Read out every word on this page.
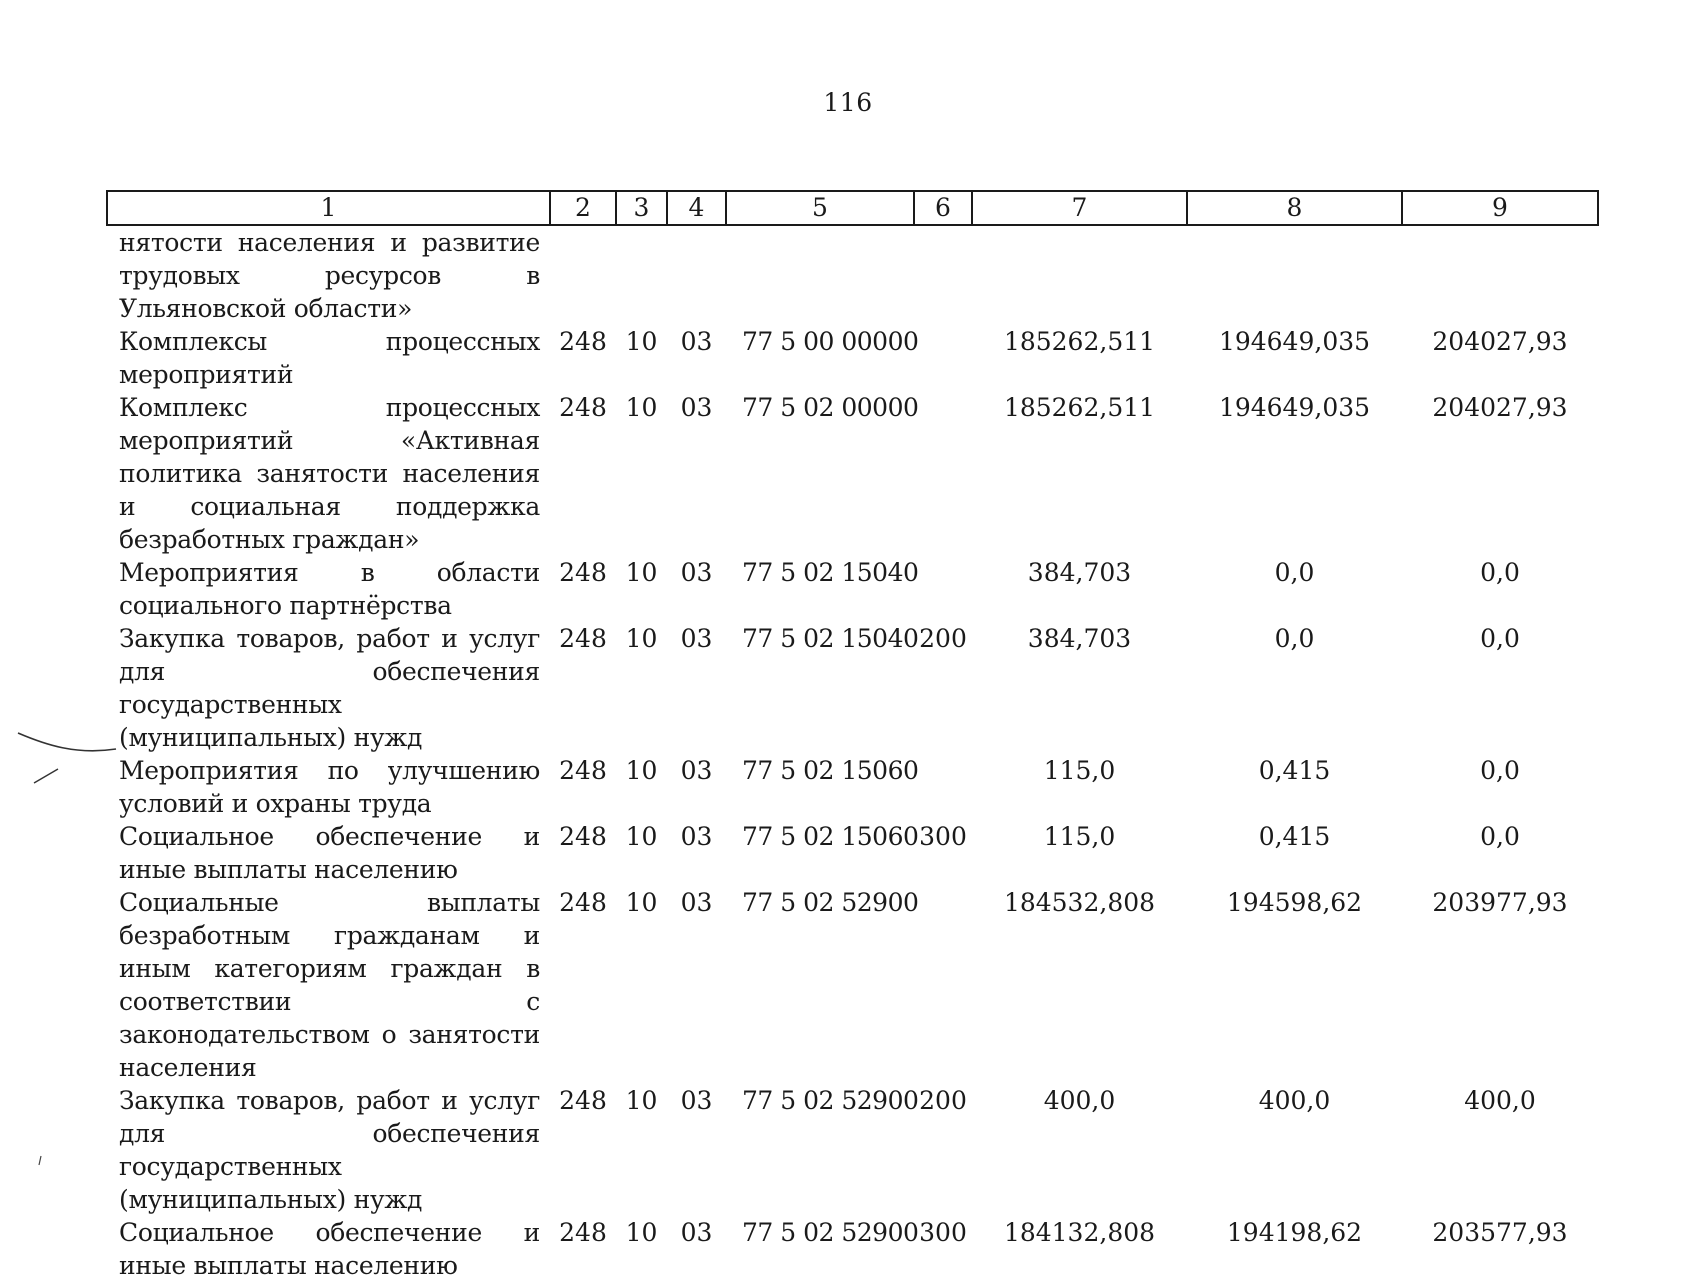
116
1	2	3	4	5	6	7	8	9
нятости населения и развитие трудовых ресурсов в Ульяновской области»								
Комплексы процессных мероприятий	248	10	03	77 5 00 00000		185262,511	194649,035	204027,93
Комплекс процессных мероприятий «Активная политика занятости населения и социальная поддержка безработных граждан»	248	10	03	77 5 02 00000		185262,511	194649,035	204027,93
Мероприятия в области социального партнёрства	248	10	03	77 5 02 15040		384,703	0,0	0,0
Закупка товаров, работ и услуг для обеспечения государственных (муниципальных) нужд	248	10	03	77 5 02 15040	200	384,703	0,0	0,0
Мероприятия по улучшению условий и охраны труда	248	10	03	77 5 02 15060		115,0	0,415	0,0
Социальное обеспечение и иные выплаты населению	248	10	03	77 5 02 15060	300	115,0	0,415	0,0
Социальные выплаты безработным гражданам и иным категориям граждан в соответствии с законодательством о занятости населения	248	10	03	77 5 02 52900		184532,808	194598,62	203977,93
Закупка товаров, работ и услуг для обеспечения государственных (муниципальных) нужд	248	10	03	77 5 02 52900	200	400,0	400,0	400,0
Социальное обеспечение и иные выплаты населению	248	10	03	77 5 02 52900	300	184132,808	194198,62	203577,93
